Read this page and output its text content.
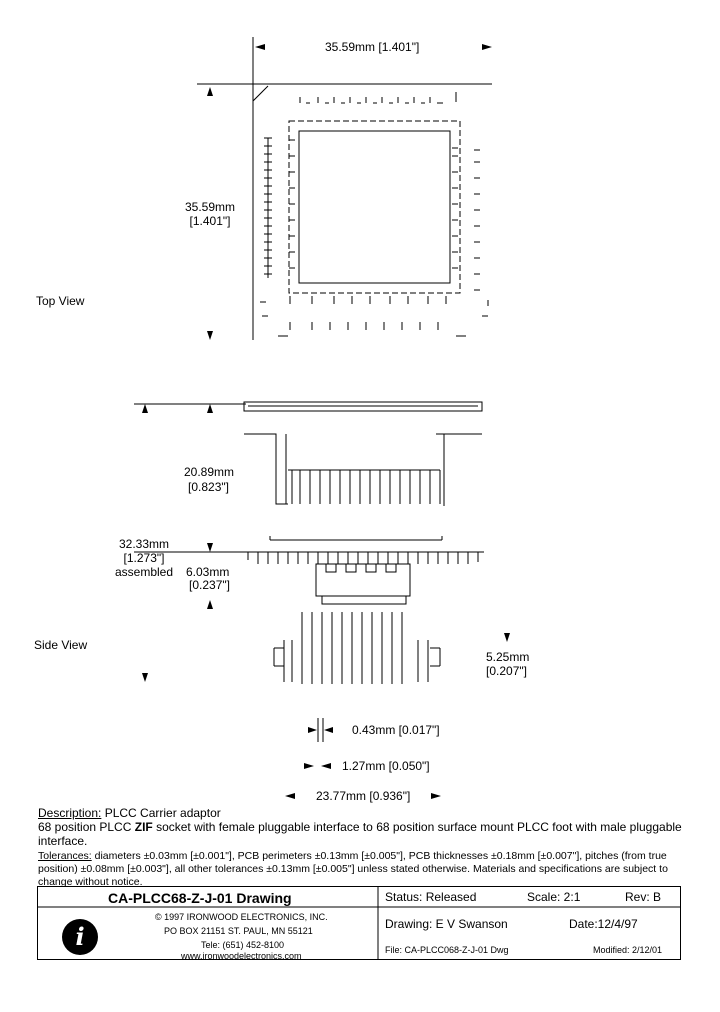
35.59mm [1.401"]
35.59mm
[1.401"]
Top View
20.89mm
[0.823"]
32.33mm
[1.273"]
assembled 6.03mm
[0.237"]
Side View
5.25mm
[0.207"]
0.43mm [0.017"]
1.27mm [0.050"]
23.77mm [0.936"]
Description: PLCC Carrier adaptor
68 position PLCC ZIF socket with female pluggable interface to 68 position surface mount PLCC foot with male pluggable interface.
Tolerances: diameters ±0.03mm [±0.001"], PCB perimeters ±0.13mm [±0.005"], PCB thicknesses ±0.18mm [±0.007"], pitches (from true position) ±0.08mm [±0.003"], all other tolerances ±0.13mm [±0.005"] unless stated otherwise. Materials and specifications are subject to change without notice.
CA-PLCC68-Z-J-01 Drawing	Status: Released	Scale: 2:1	Rev: B
i
© 1997 IRONWOOD ELECTRONICS, INC.
PO BOX 21151 ST. PAUL, MN 55121
Tele: (651) 452-8100
www.ironwoodelectronics.com
Drawing: E V Swanson	Date:12/4/97
File: CA-PLCC068-Z-J-01 Dwg	Modified: 2/12/01
